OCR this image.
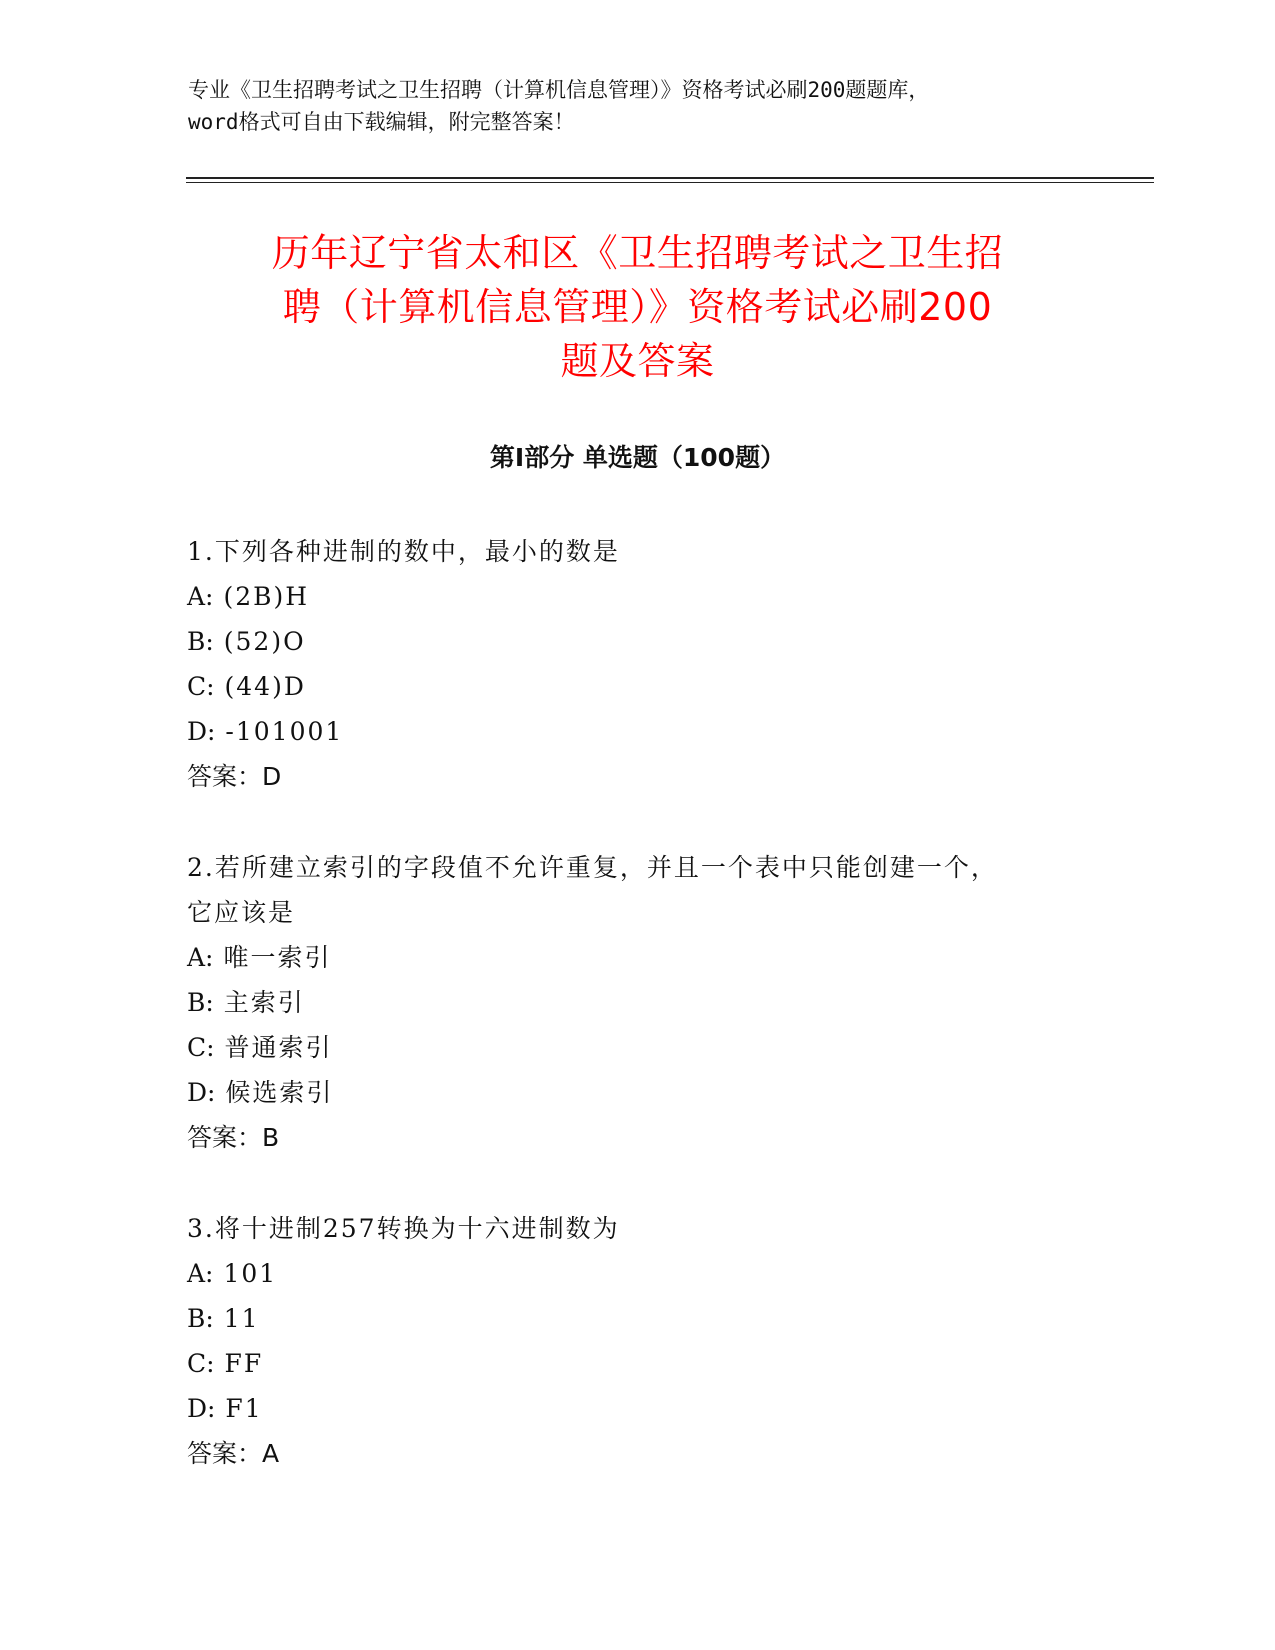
专业《卫生招聘考试之卫生招聘（计算机信息管理）》资格考试必刷200题题库，
word格式可自由下载编辑，附完整答案！
历年辽宁省太和区《卫生招聘考试之卫生招
聘（计算机信息管理）》资格考试必刷200
题及答案
第I部分 单选题（100题）

1.下列各种进制的数中，最小的数是

A: (2B)H

B: (52)O

C: (44)D

D: -101001

答案：D

2.若所建立索引的字段值不允许重复，并且一个表中只能创建一个，

它应该是

A: 唯一索引

B: 主索引

C: 普通索引

D: 候选索引

答案：B

3.将十进制257转换为十六进制数为

A: 101

B: 11

C: FF

D: F1

答案：A
